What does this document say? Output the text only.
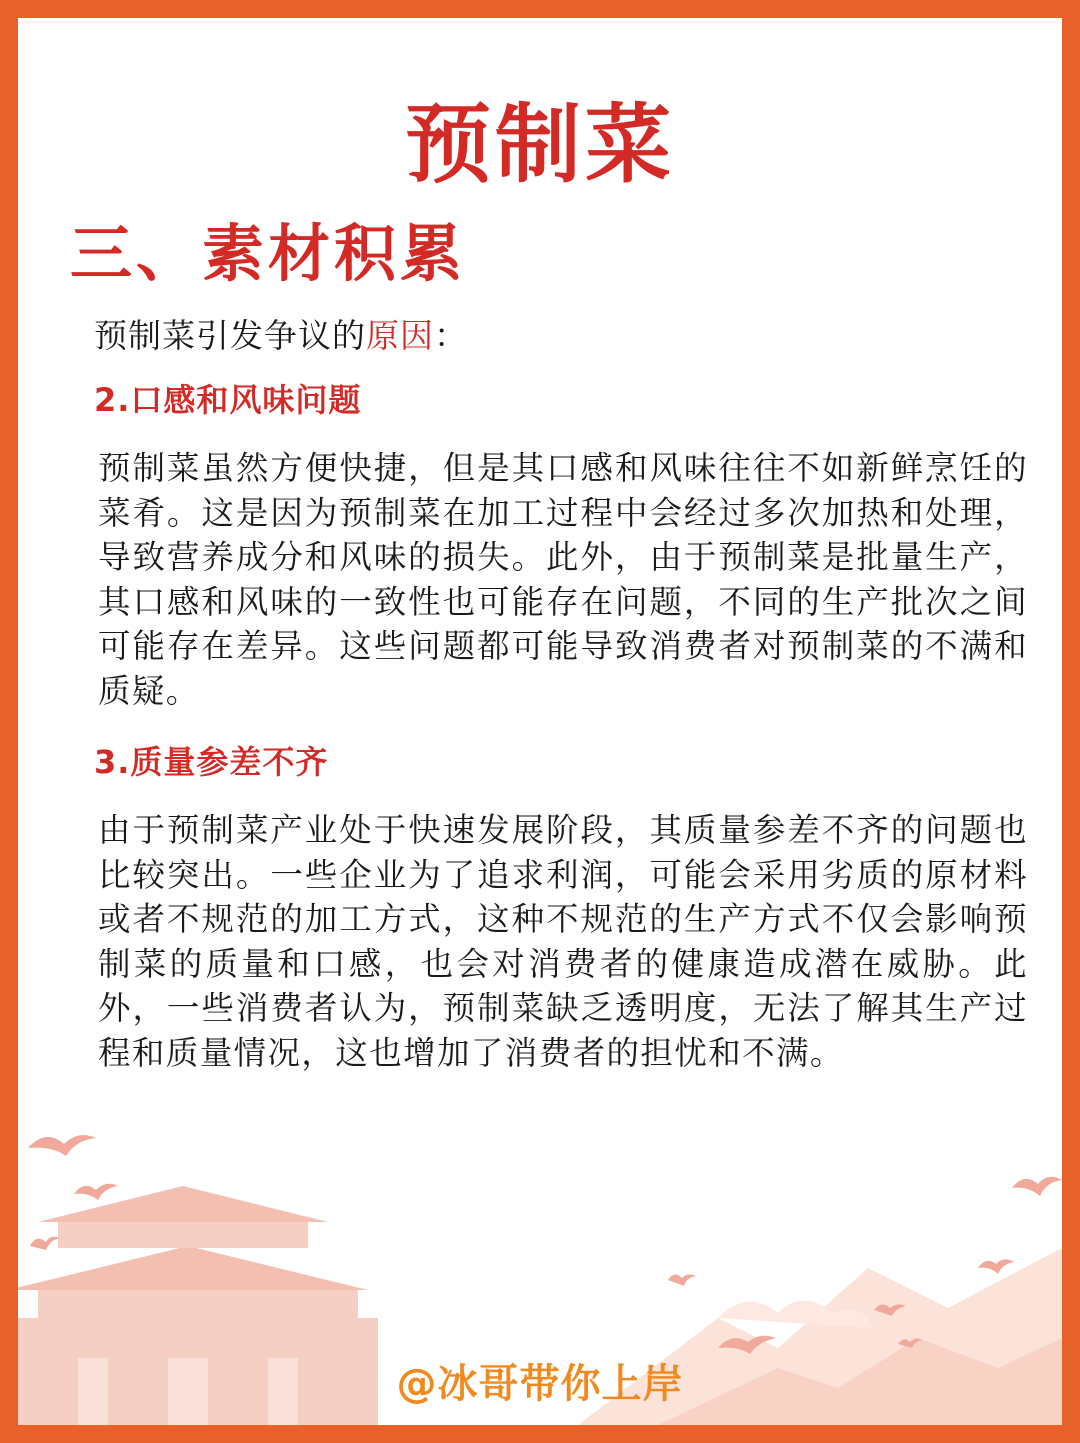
预制菜
三、素材积累
预制菜引发争议的原因：
2.口感和风味问题
预制菜虽然方便快捷，但是其口感和风味往往不如新鲜烹饪的菜肴。这是因为预制菜在加工过程中会经过多次加热和处理，导致营养成分和风味的损失。此外，由于预制菜是批量生产，其口感和风味的一致性也可能存在问题，不同的生产批次之间可能存在差异。这些问题都可能导致消费者对预制菜的不满和质疑。
3.质量参差不齐
由于预制菜产业处于快速发展阶段，其质量参差不齐的问题也比较突出。一些企业为了追求利润，可能会采用劣质的原材料或者不规范的加工方式，这种不规范的生产方式不仅会影响预制菜的质量和口感，也会对消费者的健康造成潜在威胁。此外，一些消费者认为，预制菜缺乏透明度，无法了解其生产过程和质量情况，这也增加了消费者的担忧和不满。
@冰哥带你上岸
